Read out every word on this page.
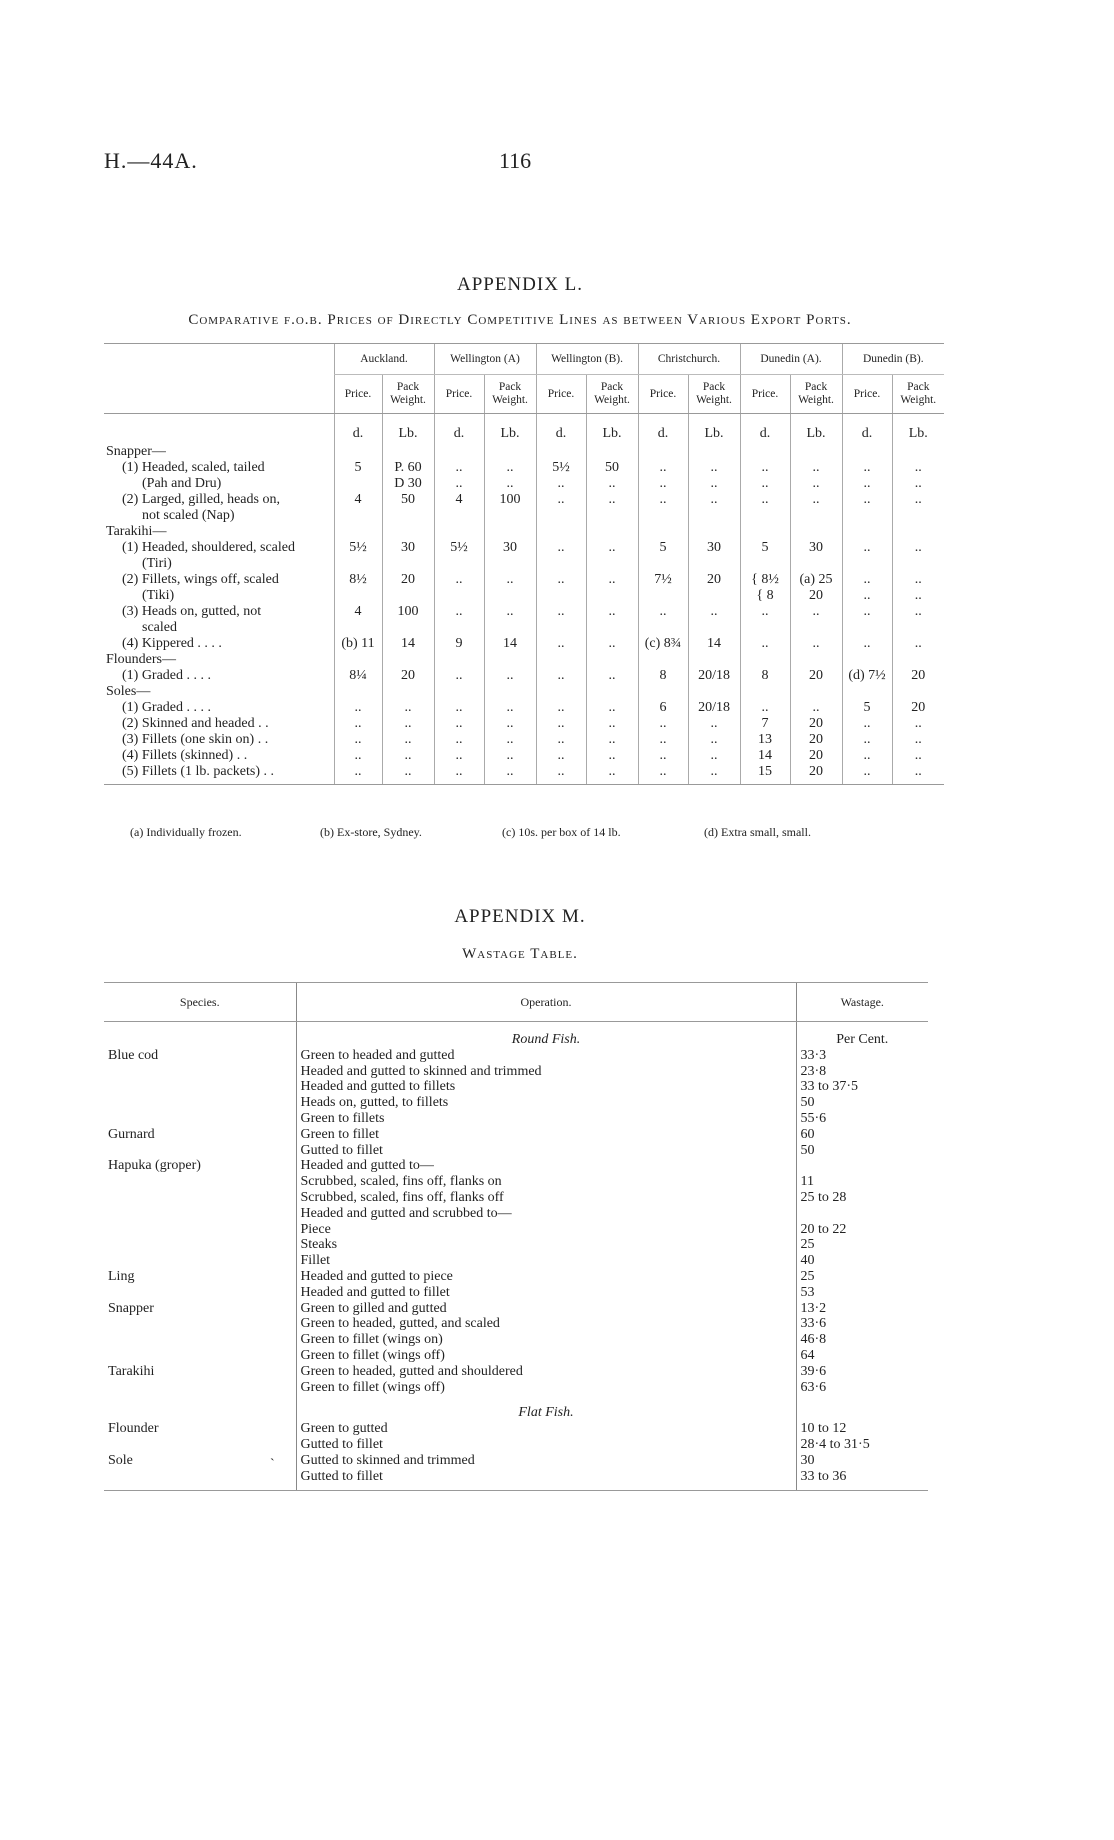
H.—44A.	116
APPENDIX L.
Comparative f.o.b. Prices of Directly Competitive Lines as between Various Export Ports.
	Auckland.		Wellington (A)		Wellington (B).		Christchurch.		Dunedin (A).		Dunedin (B).	
	Price.	Pack Weight.	Price.	Pack Weight.	Price.	Pack Weight.	Price.	Pack Weight.	Price.	Pack Weight.	Price.	Pack Weight.
	d.	Lb.	d.	Lb.	d.	Lb.	d.	Lb.	d.	Lb.	d.	Lb.
Snapper—												
(1) Headed, scaled, tailed	5	P. 60	..	..	5½	50	..	..	..	..	..	..
(Pah and Dru)		D 30	..	..	..	..	..	..	..	..	..	..
(2) Larged, gilled, heads on,	4	50	4	100	..	..	..	..	..	..	..	..
not scaled (Nap)												
Tarakihi—												
(1) Headed, shouldered, scaled	5½	30	5½	30	..	..	5	30	5	30	..	..
(Tiri)												
(2) Fillets, wings off, scaled	8½	20	..	..	..	..	7½	20	{ 8½	(a) 25	..	..
(Tiki)									{ 8	20	..	..
(3) Heads on, gutted, not	4	100	..	..	..	..	..	..	..	..	..	..
scaled												
(4) Kippered . . . .	(b) 11	14	9	14	..	..	(c) 8¾	14	..	..	..	..
Flounders—												
(1) Graded . . . .	8¼	20	..	..	..	..	8	20/18	8	20	(d) 7½	20
Soles—												
(1) Graded . . . .	..	..	..	..	..	..	6	20/18	..	..	5	20
(2) Skinned and headed . .	..	..	..	..	..	..	..	..	7	20	..	..
(3) Fillets (one skin on) . .	..	..	..	..	..	..	..	..	13	20	..	..
(4) Fillets (skinned) . .	..	..	..	..	..	..	..	..	14	20	..	..
(5) Fillets (1 lb. packets) . .	..	..	..	..	..	..	..	..	15	20	..	..
(a) Individually frozen.	(b) Ex-store, Sydney.	(c) 10s. per box of 14 lb.	(d) Extra small, small.
APPENDIX M.
Wastage Table.
Species.	Operation.	Wastage.
	Round Fish.	Per Cent.
Blue cod	Green to headed and gutted	33·3
	Headed and gutted to skinned and trimmed	23·8
	Headed and gutted to fillets	33 to 37·5
	Heads on, gutted, to fillets	50
	Green to fillets	55·6
Gurnard	Green to fillet	60
	Gutted to fillet	50
Hapuka (groper)	Headed and gutted to—	
	Scrubbed, scaled, fins off, flanks on	11
	Scrubbed, scaled, fins off, flanks off	25 to 28
	Headed and gutted and scrubbed to—	
	Piece	20 to 22
	Steaks	25
	Fillet	40
Ling	Headed and gutted to piece	25
	Headed and gutted to fillet	53
Snapper	Green to gilled and gutted	13·2
	Green to headed, gutted, and scaled	33·6
	Green to fillet (wings on)	46·8
	Green to fillet (wings off)	64
Tarakihi	Green to headed, gutted and shouldered	39·6
	Green to fillet (wings off)	63·6
	Flat Fish.	
Flounder	Green to gutted	10 to 12
	Gutted to fillet	28·4 to 31·5
Sole	Gutted to skinned and trimmed	30
	Gutted to fillet	33 to 36
`
